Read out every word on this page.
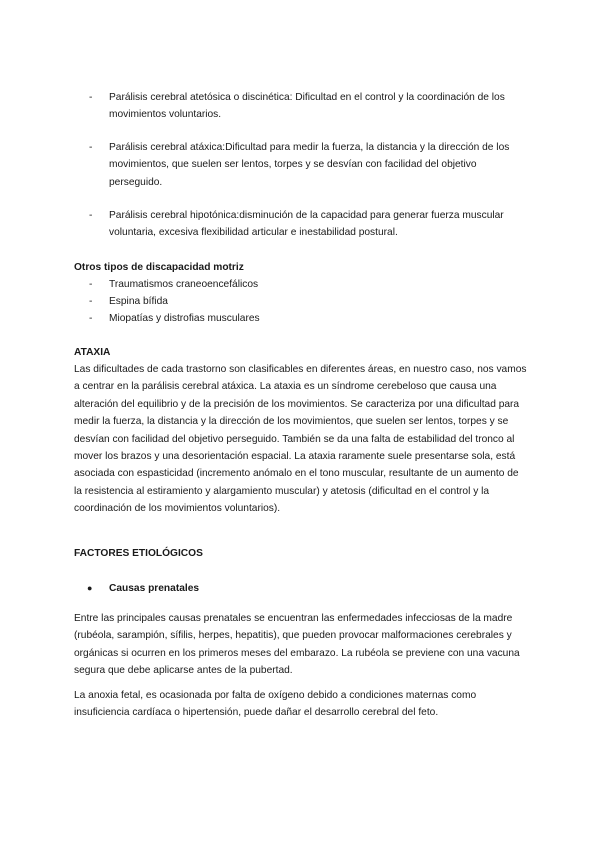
- Parálisis cerebral atetósica o discinética: Dificultad en el control y la coordinación de los movimientos voluntarios.
- Parálisis cerebral atáxica:Dificultad para medir la fuerza, la distancia y la dirección de los movimientos, que suelen ser lentos, torpes y se desvían con facilidad del objetivo perseguido.
- Parálisis cerebral hipotónica:disminución de la capacidad para generar fuerza muscular voluntaria, excesiva flexibilidad articular e inestabilidad postural.
Otros tipos de discapacidad motriz
- Traumatismos craneoencefálicos
- Espina bífida
- Miopatías y distrofias musculares
ATAXIA
Las dificultades de cada trastorno son clasificables en diferentes áreas, en nuestro caso, nos vamos a centrar en la parálisis cerebral atáxica. La ataxia es un síndrome cerebeloso que causa una alteración del equilibrio y de la precisión de los movimientos. Se caracteriza por una dificultad para medir la fuerza, la distancia y la dirección de los movimientos, que suelen ser lentos, torpes y se desvían con facilidad del objetivo perseguido. También se da una falta de estabilidad del tronco al mover los brazos y una desorientación espacial. La ataxia raramente suele presentarse sola, está asociada con espasticidad (incremento anómalo en el tono muscular, resultante de un aumento de la resistencia al estiramiento y alargamiento muscular) y atetosis (dificultad en el control y la coordinación de los movimientos voluntarios).
FACTORES ETIOLÓGICOS
● Causas prenatales
Entre las principales causas prenatales se encuentran las enfermedades infecciosas de la madre (rubéola, sarampión, sífilis, herpes, hepatitis), que pueden provocar malformaciones cerebrales y orgánicas si ocurren en los primeros meses del embarazo. La rubéola se previene con una vacuna segura que debe aplicarse antes de la pubertad.
La anoxia fetal, es ocasionada por falta de oxígeno debido a condiciones maternas como insuficiencia cardíaca o hipertensión, puede dañar el desarrollo cerebral del feto.
